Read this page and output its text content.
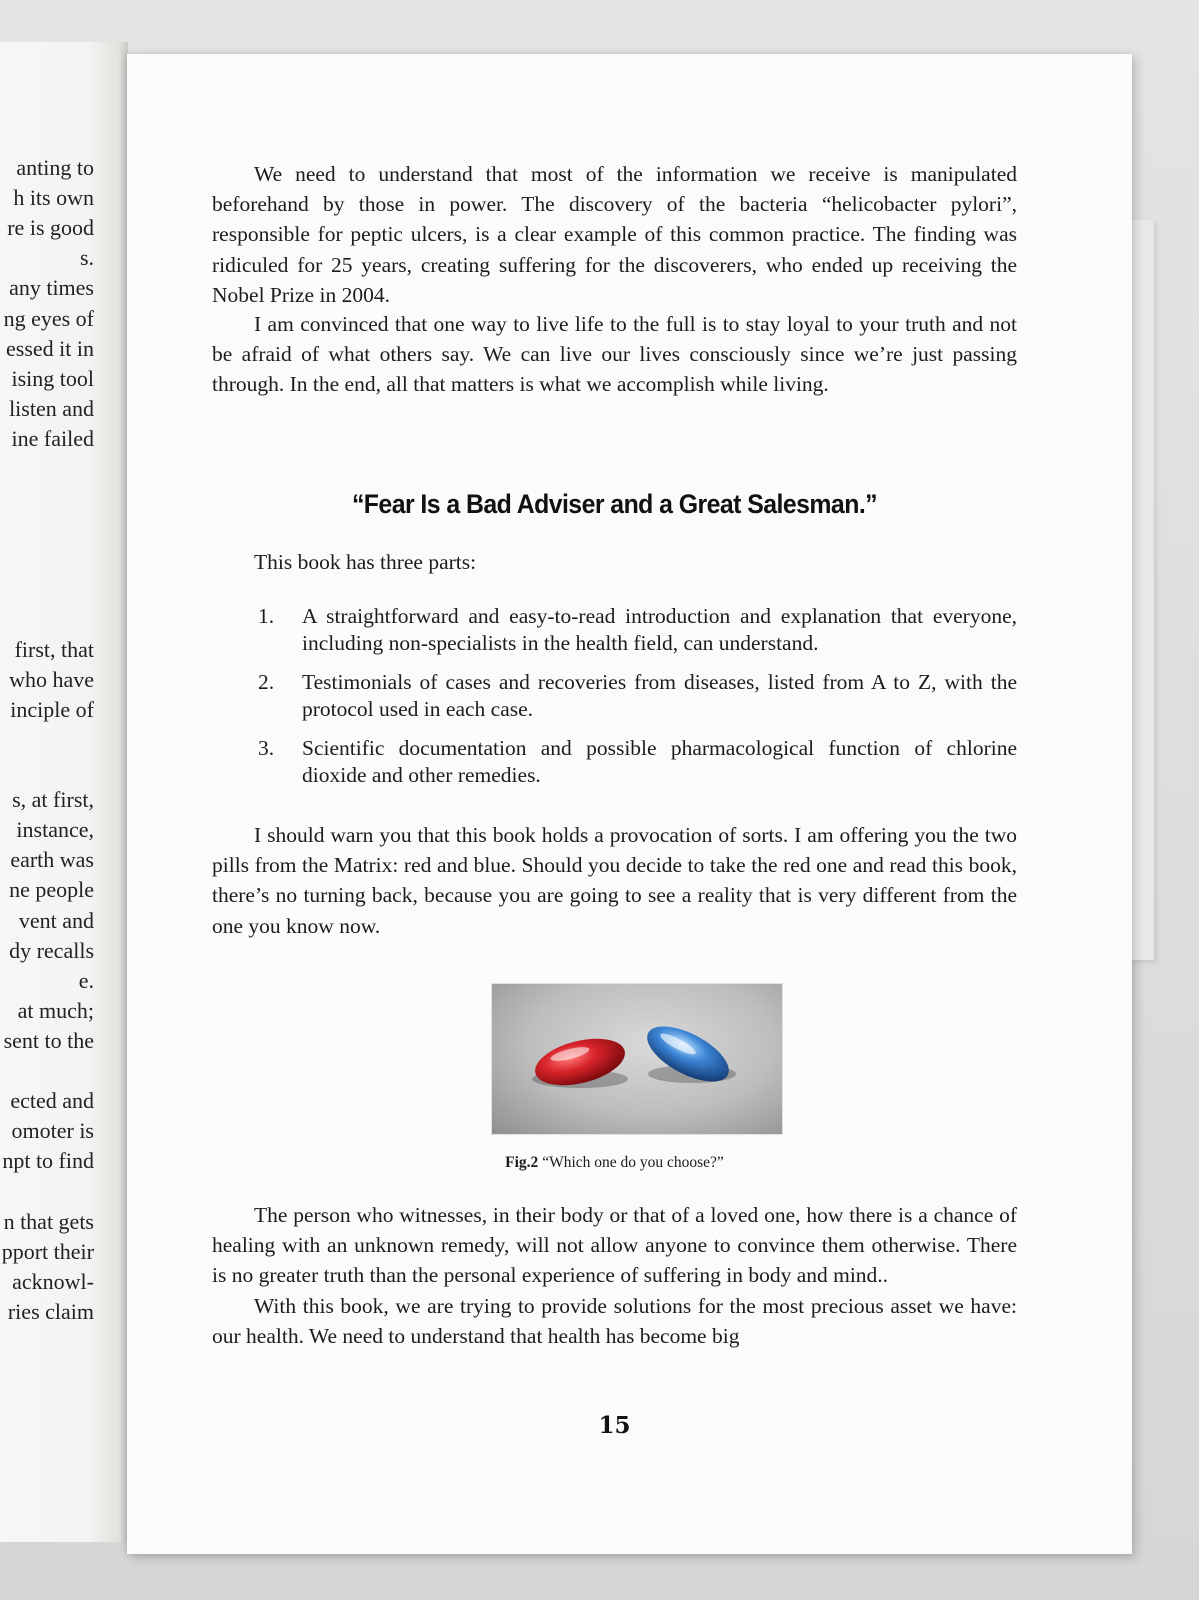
anting to
h its own
re is good
s.
any times
ng eyes of
essed it in
ising tool
listen and
ine failed
first, that
who have
inciple of
s, at first,
instance,
earth was
ne people
vent and
dy recalls
e.
at much;
sent to the
ected and
omoter is
npt to find
n that gets
pport their
acknowl-
ries claim

We need to understand that most of the information we receive is manipulated beforehand by those in power. The discovery of the bacteria “helicobacter pylori”, responsible for peptic ulcers, is a clear example of this common practice. The finding was ridiculed for 25 years, creating suffering for the discoverers, who ended up receiving the Nobel Prize in 2004.

I am convinced that one way to live life to the full is to stay loyal to your truth and not be afraid of what others say. We can live our lives consciously since we’re just passing through. In the end, all that matters is what we accomplish while living.

“Fear Is a Bad Adviser and a Great Salesman.”
This book has three parts:
1.	A straightforward and easy-to-read introduction and explanation that everyone, including non-specialists in the health field, can understand.
2.	Testimonials of cases and recoveries from diseases, listed from A to Z, with the protocol used in each case.
3.	Scientific documentation and possible pharmacological function of chlorine dioxide and other remedies.

I should warn you that this book holds a provocation of sorts. I am offering you the two pills from the Matrix: red and blue. Should you decide to take the red one and read this book, there’s no turning back, because you are going to see a reality that is very different from the one you know now.

Fig.2 “Which one do you choose?”

The person who witnesses, in their body or that of a loved one, how there is a chance of healing with an unknown remedy, will not allow anyone to convince them otherwise. There is no greater truth than the personal experience of suffering in body and mind..

With this book, we are trying to provide solutions for the most precious asset we have: our health. We need to understand that health has become big

15
